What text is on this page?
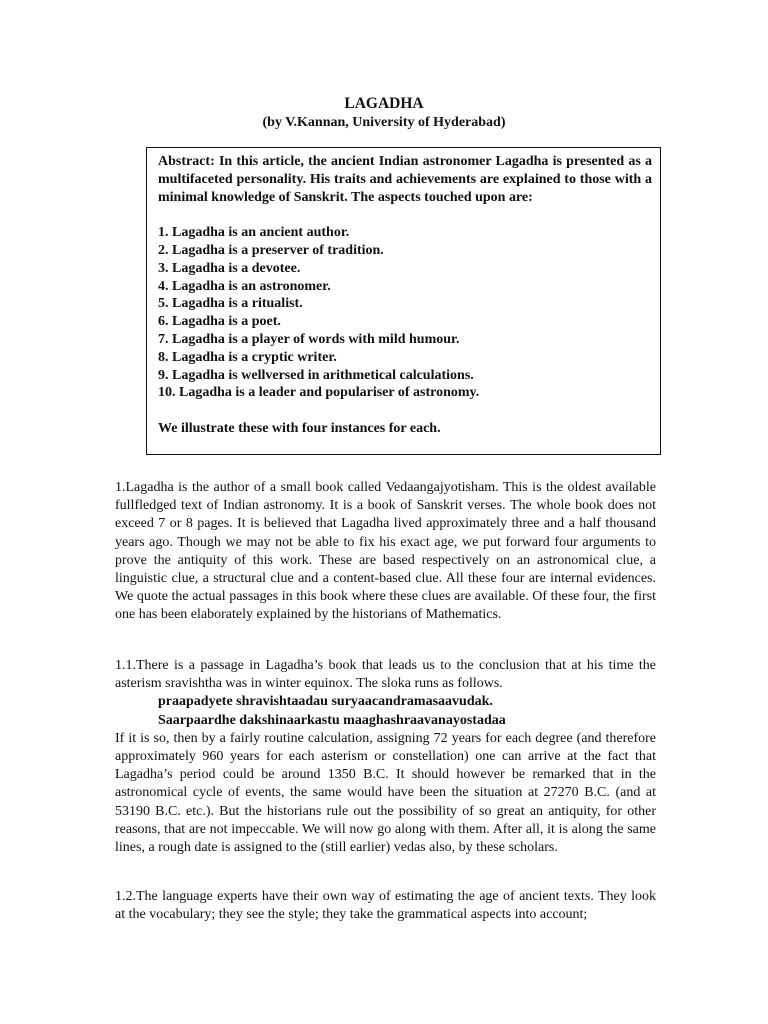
LAGADHA
(by V.Kannan, University of Hyderabad)

Abstract: In this article, the ancient Indian astronomer Lagadha is presented as a multifaceted personality. His traits and achievements are explained to those with a minimal knowledge of Sanskrit. The aspects touched upon are:

1. Lagadha is an ancient author.
2. Lagadha is a preserver of tradition.
3. Lagadha is a devotee.
4. Lagadha is an astronomer.
5. Lagadha is a ritualist.
6. Lagadha is a poet.
7. Lagadha is a player of words with mild humour.
8. Lagadha is a cryptic writer.
9. Lagadha is wellversed in arithmetical calculations.
10. Lagadha is a leader and populariser of astronomy.

We illustrate these with four instances for each.

1.Lagadha is the author of a small book called Vedaangajyotisham. This is the oldest available fullfledged text of Indian astronomy. It is a book of Sanskrit verses. The whole book does not exceed 7 or 8 pages. It is believed that Lagadha lived approximately three and a half thousand years ago. Though we may not be able to fix his exact age, we put forward four arguments to prove the antiquity of this work. These are based respectively on an astronomical clue, a linguistic clue, a structural clue and a content-based clue. All these four are internal evidences. We quote the actual passages in this book where these clues are available. Of these four, the first one has been elaborately explained by the historians of Mathematics.

1.1.There is a passage in Lagadha’s book that leads us to the conclusion that at his time the asterism sravishtha was in winter equinox. The sloka runs as follows.

praapadyete shravishtaadau suryaacandramasaavudak.

Saarpaardhe dakshinaarkastu maaghashraavanayostadaa

If it is so, then by a fairly routine calculation, assigning 72 years for each degree (and therefore approximately 960 years for each asterism or constellation) one can arrive at the fact that Lagadha’s period could be around 1350 B.C. It should however be remarked that in the astronomical cycle of events, the same would have been the situation at 27270 B.C. (and at 53190 B.C. etc.). But the historians rule out the possibility of so great an antiquity, for other reasons, that are not impeccable. We will now go along with them. After all, it is along the same lines, a rough date is assigned to the (still earlier) vedas also, by these scholars.

1.2.The language experts have their own way of estimating the age of ancient texts. They look at the vocabulary; they see the style; they take the grammatical aspects into account;
